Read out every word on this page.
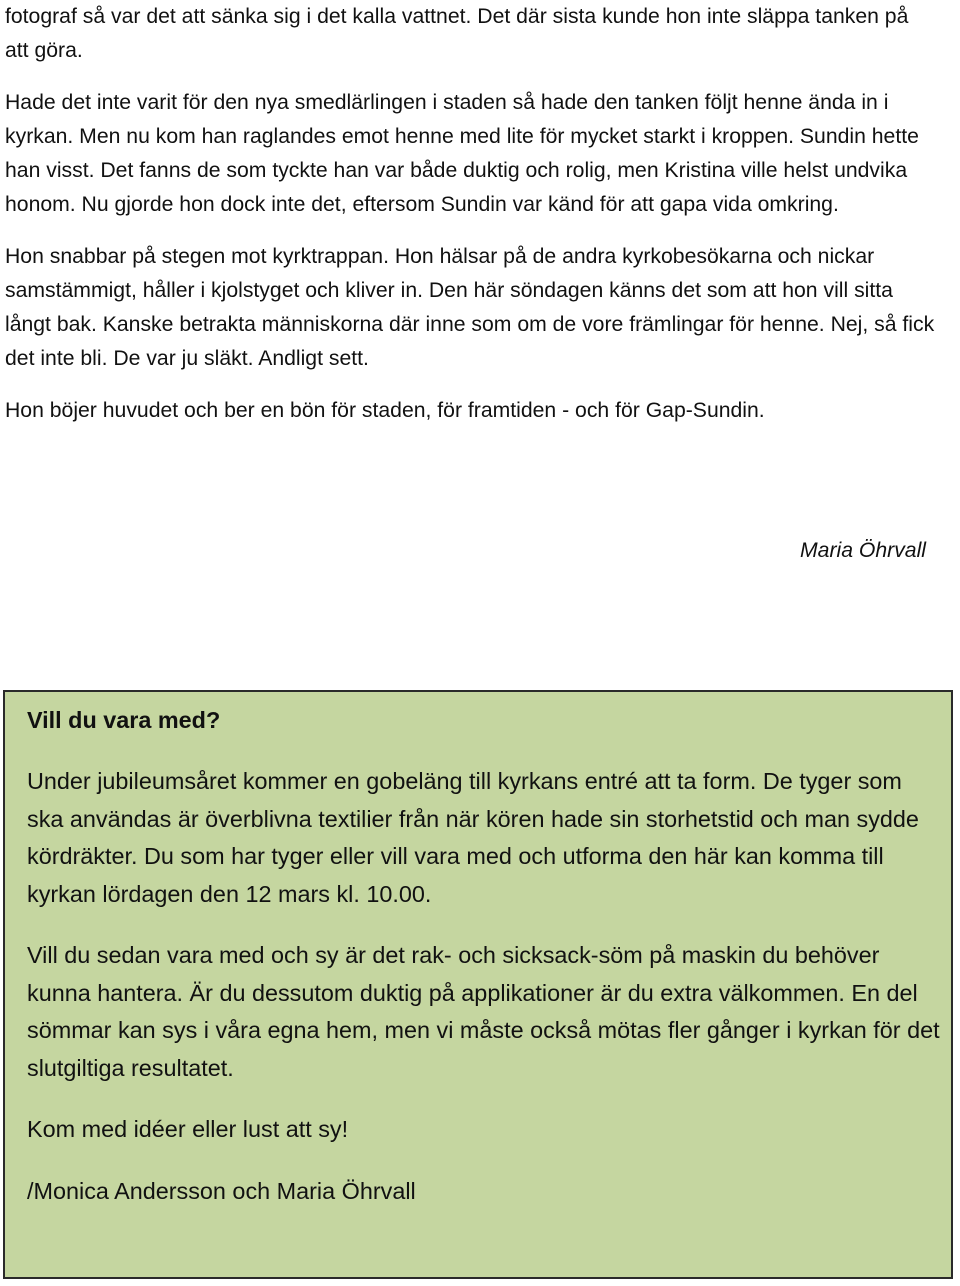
fotograf så var det att sänka sig i det kalla vattnet. Det där sista kunde hon inte släppa tanken på att göra.

Hade det inte varit för den nya smedlärlingen i staden så hade den tanken följt henne ända in i kyrkan. Men nu kom han raglandes emot henne med lite för mycket starkt i kroppen. Sundin hette han visst. Det fanns de som tyckte han var både duktig och rolig, men Kristina ville helst undvika honom. Nu gjorde hon dock inte det, eftersom Sundin var känd för att gapa vida omkring.

Hon snabbar på stegen mot kyrktrappan. Hon hälsar på de andra kyrkobesökarna och nickar samstämmigt, håller i kjolstyget och kliver in. Den här söndagen känns det som att hon vill sitta långt bak. Kanske betrakta människorna där inne som om de vore främlingar för henne. Nej, så fick det inte bli. De var ju släkt. Andligt sett.

Hon böjer huvudet och ber en bön för staden, för framtiden - och för Gap-Sundin.

Maria Öhrvall

Vill du vara med?

Under jubileumsåret kommer en gobeläng till kyrkans entré att ta form. De tyger som ska användas är överblivna textilier från när kören hade sin storhetstid och man sydde kördräkter. Du som har tyger eller vill vara med och utforma den här kan komma till kyrkan lördagen den 12 mars kl. 10.00.

Vill du sedan vara med och sy är det rak- och sicksack-söm på maskin du behöver kunna hantera. Är du dessutom duktig på applikationer är du extra välkommen. En del sömmar kan sys i våra egna hem, men vi måste också mötas fler gånger i kyrkan för det slutgiltiga resultatet.

Kom med idéer eller lust att sy!

/Monica Andersson och Maria Öhrvall
